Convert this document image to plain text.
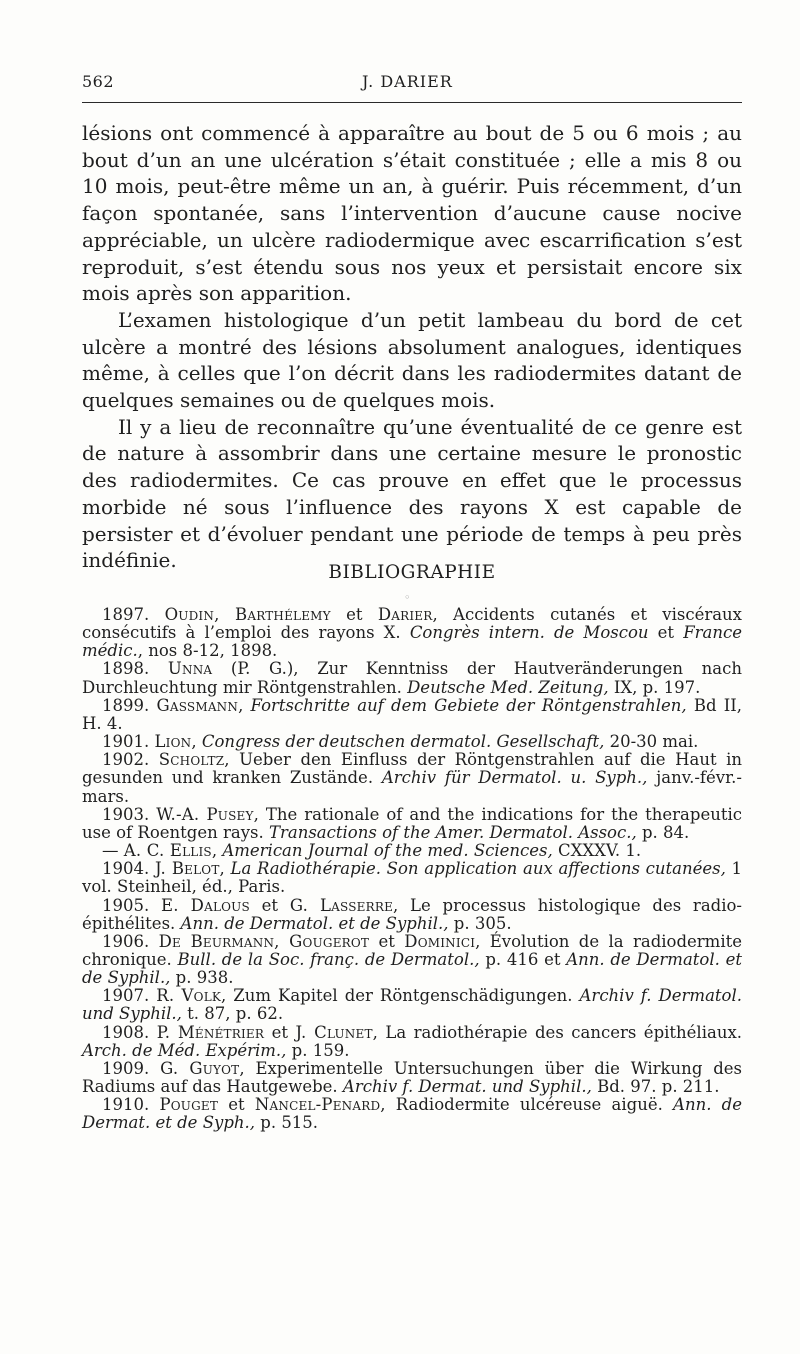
562	J. DARIER

lésions ont commencé à apparaître au bout de 5 ou 6 mois ; au bout d’un an une ulcération s’était constituée ; elle a mis 8 ou 10 mois, peut-être même un an, à guérir. Puis récemment, d’un façon spontanée, sans l’intervention d’aucune cause nocive appréciable, un ulcère radiodermique avec escarrification s’est reproduit, s’est étendu sous nos yeux et persistait encore six mois après son apparition.

L’examen histologique d’un petit lambeau du bord de cet ulcère a montré des lésions absolument analogues, identiques même, à celles que l’on décrit dans les radiodermites datant de quelques semaines ou de quelques mois.

Il y a lieu de reconnaître qu’une éventualité de ce genre est de nature à assombrir dans une certaine mesure le pronostic des radiodermites. Ce cas prouve en effet que le processus morbide né sous l’influence des rayons X est capable de persister et d’évoluer pendant une période de temps à peu près indéfinie.

BIBLIOGRAPHIE
◦

1897. Oudin, Barthélemy et Darier, Accidents cutanés et viscéraux consécutifs à l’emploi des rayons X. Congrès intern. de Moscou et France médic., nos 8-12, 1898.

1898. Unna (P. G.), Zur Kenntniss der Hautveränderungen nach Durchleuchtung mir Röntgenstrahlen. Deutsche Med. Zeitung, IX, p. 197.

1899. Gassmann, Fortschritte auf dem Gebiete der Röntgenstrahlen, Bd II, H. 4.

1901. Lion, Congress der deutschen dermatol. Gesellschaft, 20-30 mai.

1902. Scholtz, Ueber den Einfluss der Röntgenstrahlen auf die Haut in gesunden und kranken Zustände. Archiv für Dermatol. u. Syph., janv.-févr.-mars.

1903. W.-A. Pusey, The rationale of and the indications for the therapeutic use of Roentgen rays. Transactions of the Amer. Dermatol. Assoc., p. 84.

— A. C. Ellis, American Journal of the med. Sciences, CXXXV. 1.

1904. J. Belot, La Radiothérapie. Son application aux affections cutanées, 1 vol. Steinheil, éd., Paris.

1905. E. Dalous et G. Lasserre, Le processus histologique des radio-épithélites. Ann. de Dermatol. et de Syphil., p. 305.

1906. De Beurmann, Gougerot et Dominici, Évolution de la radiodermite chronique. Bull. de la Soc. franç. de Dermatol., p. 416 et Ann. de Dermatol. et de Syphil., p. 938.

1907. R. Volk, Zum Kapitel der Röntgenschädigungen. Archiv f. Dermatol. und Syphil., t. 87, p. 62.

1908. P. Ménétrier et J. Clunet, La radiothérapie des cancers épithéliaux. Arch. de Méd. Expérim., p. 159.

1909. G. Guyot, Experimentelle Untersuchungen über die Wirkung des Radiums auf das Hautgewebe. Archiv f. Dermat. und Syphil., Bd. 97. p. 211.

1910. Pouget et Nancel-Penard, Radiodermite ulcéreuse aiguë. Ann. de Dermat. et de Syph., p. 515.
